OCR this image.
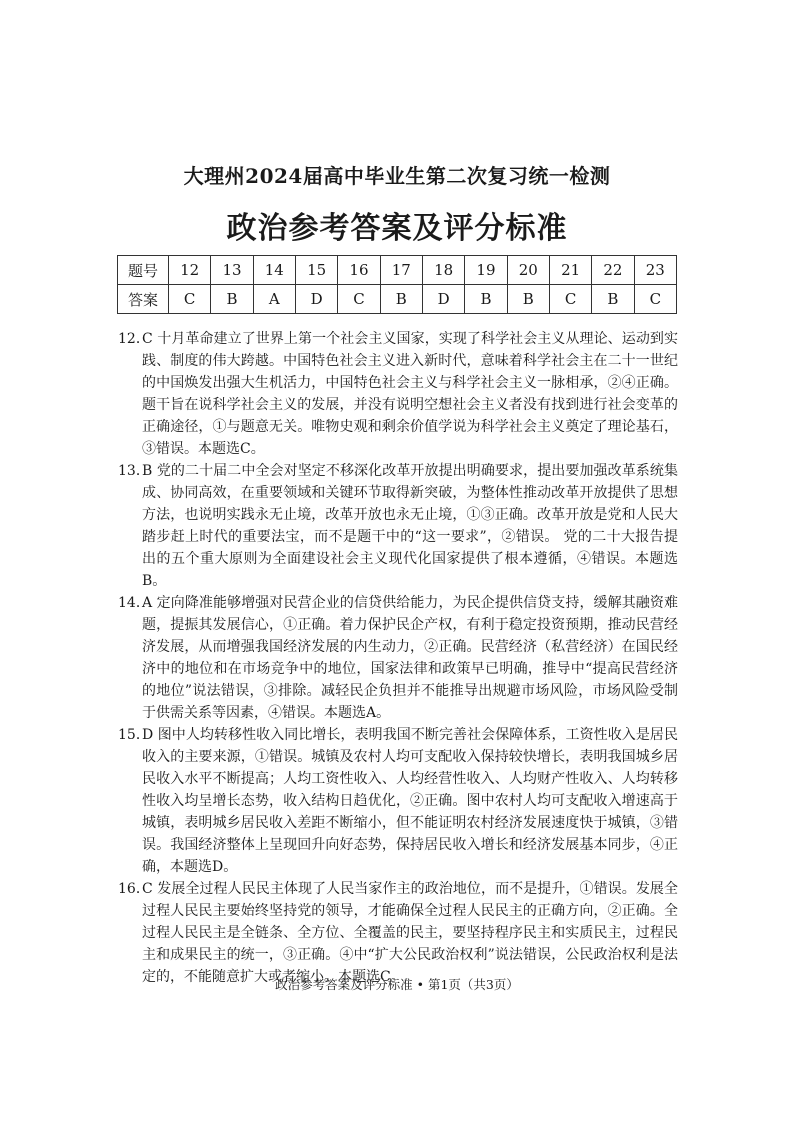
大理州2024届高中毕业生第二次复习统一检测
政治参考答案及评分标准
题号	12	13	14	15	16	17	18	19	20	21	22	23
答案	C	B	A	D	C	B	D	B	B	C	B	C

12．C 十月革命建立了世界上第一个社会主义国家，实现了科学社会主义从理论、运动到实践、制度的伟大跨越。中国特色社会主义进入新时代，意味着科学社会主在二十一世纪的中国焕发出强大生机活力，中国特色社会主义与科学社会主义一脉相承，②④正确。题干旨在说科学社会主义的发展，并没有说明空想社会主义者没有找到进行社会变革的正确途径，①与题意无关。唯物史观和剩余价值学说为科学社会主义奠定了理论基石，③错误。本题选C。

13．B 党的二十届二中全会对坚定不移深化改革开放提出明确要求，提出要加强改革系统集成、协同高效，在重要领域和关键环节取得新突破，为整体性推动改革开放提供了思想方法，也说明实践永无止境，改革开放也永无止境，①③正确。改革开放是党和人民大踏步赶上时代的重要法宝，而不是题干中的“这一要求”，②错误。 党的二十大报告提出的五个重大原则为全面建设社会主义现代化国家提供了根本遵循，④错误。本题选B。

14．A 定向降准能够增强对民营企业的信贷供给能力，为民企提供信贷支持，缓解其融资难题，提振其发展信心，①正确。着力保护民企产权，有利于稳定投资预期，推动民营经济发展，从而增强我国经济发展的内生动力，②正确。民营经济（私营经济）在国民经济中的地位和在市场竞争中的地位，国家法律和政策早已明确，推导中“提高民营经济的地位”说法错误，③排除。减轻民企负担并不能推导出规避市场风险，市场风险受制于供需关系等因素，④错误。本题选A。

15．D 图中人均转移性收入同比增长，表明我国不断完善社会保障体系，工资性收入是居民收入的主要来源，①错误。城镇及农村人均可支配收入保持较快增长，表明我国城乡居民收入水平不断提高；人均工资性收入、人均经营性收入、人均财产性收入、人均转移性收入均呈增长态势，收入结构日趋优化，②正确。图中农村人均可支配收入增速高于城镇，表明城乡居民收入差距不断缩小，但不能证明农村经济发展速度快于城镇，③错误。我国经济整体上呈现回升向好态势，保持居民收入增长和经济发展基本同步，④正确，本题选D。

16．C 发展全过程人民民主体现了人民当家作主的政治地位，而不是提升，①错误。发展全过程人民民主要始终坚持党的领导，才能确保全过程人民民主的正确方向，②正确。全过程人民民主是全链条、全方位、全覆盖的民主，要坚持程序民主和实质民主，过程民主和成果民主的统一，③正确。④中“扩大公民政治权利”说法错误，公民政治权利是法定的，不能随意扩大或者缩小。本题选C。

政治参考答案及评分标准 • 第1页（共3页）
